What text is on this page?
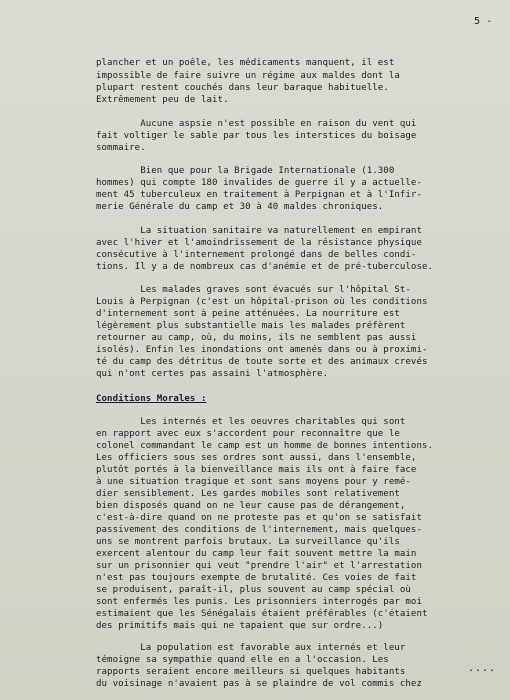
5 -
plancher et un poêle, les médicaments manquent, il est
impossible de faire suivre un régime aux maldes dont la
plupart restent couchés dans leur baraque habituelle.
Extrêmement peu de lait.
Aucune aspsie n'est possible en raison du vent qui
fait voltiger le sable par tous les interstices du boisage
sommaire.
Bien que pour la Brigade Internationale (1.300
hommes) qui compte 180 invalides de guerre il y a actuelle-
ment 45 tuberculeux en traitement à Perpignan et à l'Infir-
merie Générale du camp et 30 à 40 maldes chroniques.
La situation sanitaire va naturellement en empirant
avec l'hiver et l'amoindrissement de la résistance physique
consécutive à l'internement prolongé dans de belles condi-
tions. Il y a de nombreux cas d'anémie et de pré-tuberculose.
Les malades graves sont évacués sur l'hôpital St-
Louis à Perpignan (c'est un hôpital-prison où les conditions
d'internement sont à peine atténuées. La nourriture est
légèrement plus substantielle mais les malades préfèrent
retourner au camp, où, du moins, ils ne semblent pas aussi
isolés). Enfin les inondations ont amenés dans ou à proximi-
té du camp des détritus de toute sorte et des animaux crevés
qui n'ont certes pas assaini l'atmosphère.
Conditions Morales :
Les internés et les oeuvres charitables qui sont
en rapport avec eux s'accordent pour reconnaître que le
colonel commandant le camp est un homme de bonnes intentions.
Les officiers sous ses ordres sont aussi, dans l'ensemble,
plutôt portés à la bienveillance mais ils ont à faire face
à une situation tragique et sont sans moyens pour y remé-
dier sensiblement. Les gardes mobiles sont relativement
bien disposés quand on ne leur cause pas de dérangement,
c'est-à-dire quand on ne proteste pas et qu'on se satisfait
passivement des conditions de l'internement, mais quelques-
uns se montrent parfois brutaux. La surveillance qu'ils
exercent alentour du camp leur fait souvent mettre la main
sur un prisonnier qui veut "prendre l'air" et l'arrestation
n'est pas toujours exempte de brutalité. Ces voies de fait
se produisent, paraît-il, plus souvent au camp spécial où
sont enfermés les punis. Les prisonniers interrogés par moi
estimaient que les Sénégalais étaient préférables (c'étaient
des primitifs mais qui ne tapaient que sur ordre...)
La population est favorable aux internés et leur
témoigne sa sympathie quand elle en a l'occasion. Les
rapports seraient encore meilleurs si quelques habitants
du voisinage n'avaient pas à se plaindre de vol commis chez
....
